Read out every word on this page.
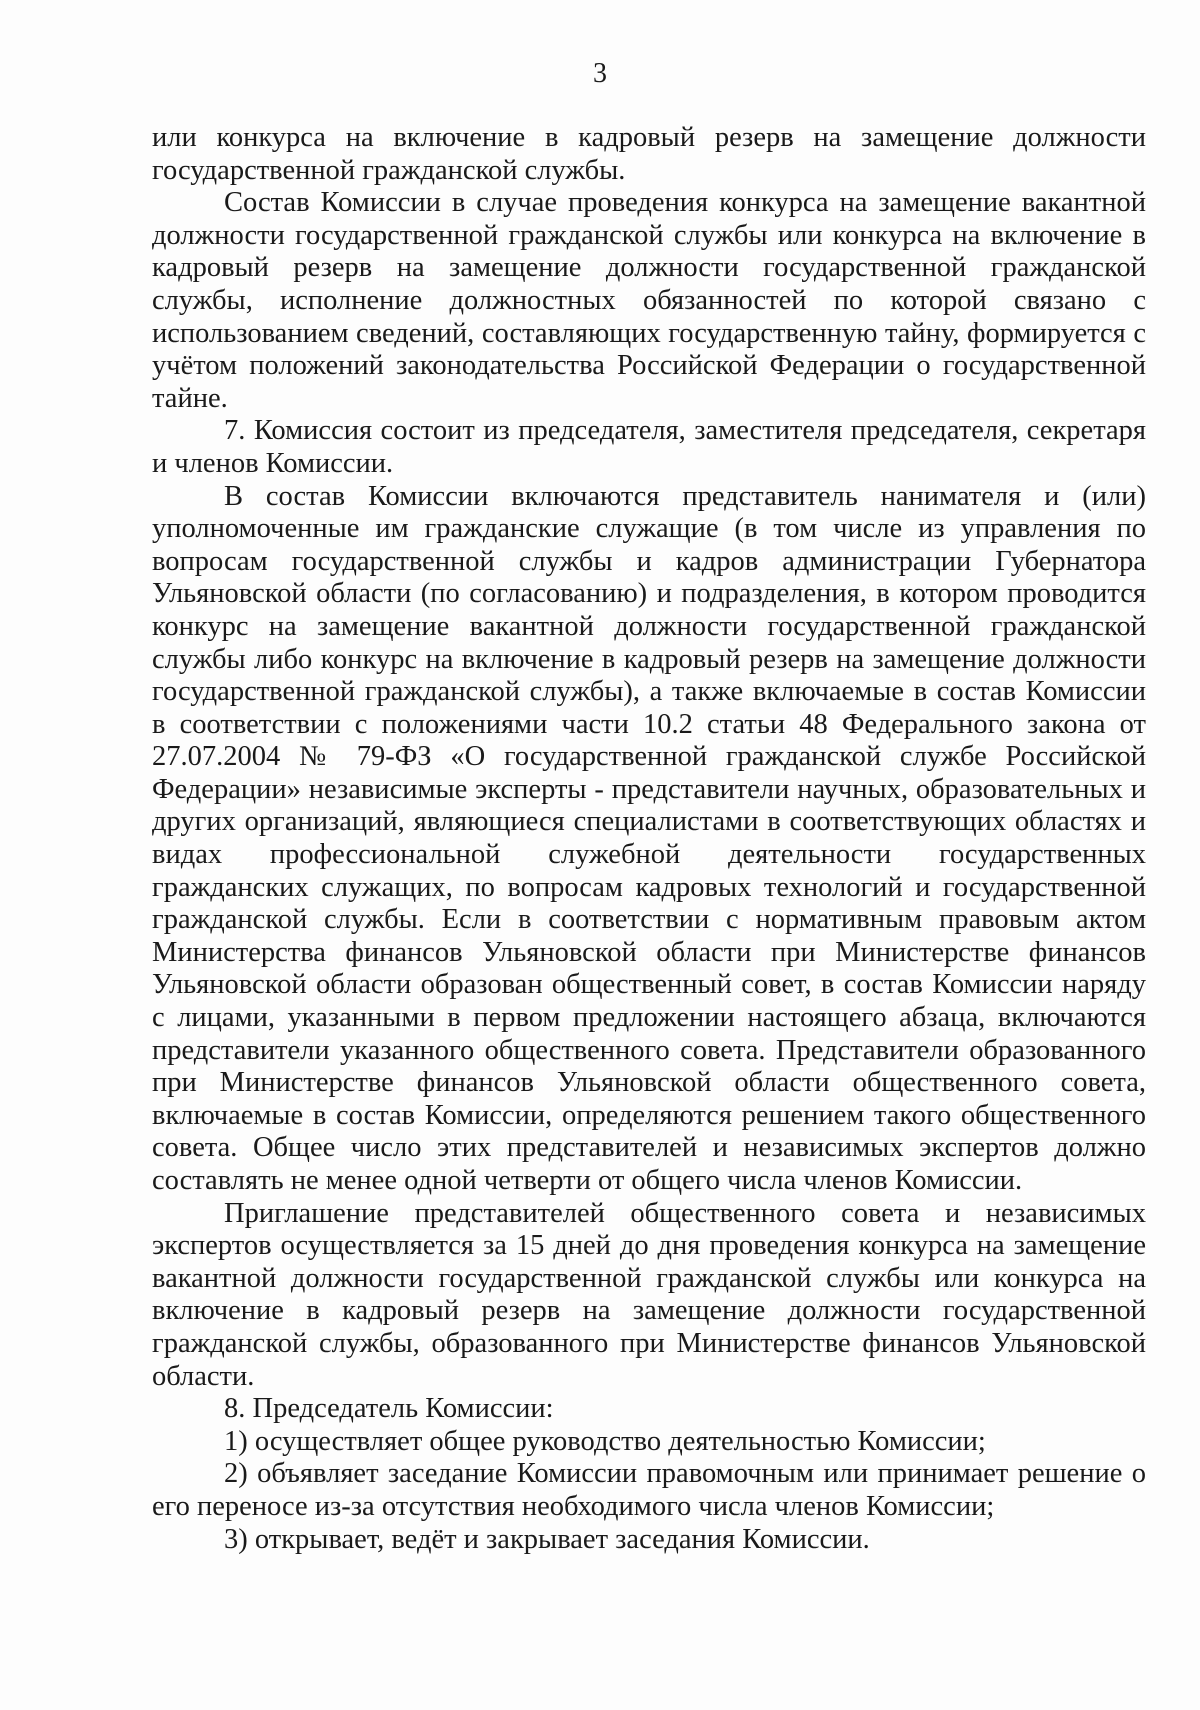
3

или конкурса на включение в кадровый резерв на замещение должности государственной гражданской службы.

Состав Комиссии в случае проведения конкурса на замещение вакантной должности государственной гражданской службы или конкурса на включение в кадровый резерв на замещение должности государственной гражданской службы, исполнение должностных обязанностей по которой связано с использованием сведений, составляющих государственную тайну, формируется с учётом положений законодательства Российской Федерации о государственной тайне.

7. Комиссия состоит из председателя, заместителя председателя, секретаря и членов Комиссии.

В состав Комиссии включаются представитель нанимателя и (или) уполномоченные им гражданские служащие (в том числе из управления по вопросам государственной службы и кадров администрации Губернатора Ульяновской области (по согласованию) и подразделения, в котором проводится конкурс на замещение вакантной должности государственной гражданской службы либо конкурс на включение в кадровый резерв на замещение должности государственной гражданской службы), а также включаемые в состав Комиссии в соответствии с положениями части 10.2 статьи 48 Федерального закона от 27.07.2004 № 79-ФЗ «О государственной гражданской службе Российской Федерации» независимые эксперты - представители научных, образовательных и других организаций, являющиеся специалистами в соответствующих областях и видах профессиональной служебной деятельности государственных гражданских служащих, по вопросам кадровых технологий и государственной гражданской службы. Если в соответствии с нормативным правовым актом Министерства финансов Ульяновской области при Министерстве финансов Ульяновской области образован общественный совет, в состав Комиссии наряду с лицами, указанными в первом предложении настоящего абзаца, включаются представители указанного общественного совета. Представители образованного при Министерстве финансов Ульяновской области общественного совета, включаемые в состав Комиссии, определяются решением такого общественного совета. Общее число этих представителей и независимых экспертов должно составлять не менее одной четверти от общего числа членов Комиссии.

Приглашение представителей общественного совета и независимых экспертов осуществляется за 15 дней до дня проведения конкурса на замещение вакантной должности государственной гражданской службы или конкурса на включение в кадровый резерв на замещение должности государственной гражданской службы, образованного при Министерстве финансов Ульяновской области.

8. Председатель Комиссии:

1) осуществляет общее руководство деятельностью Комиссии;

2) объявляет заседание Комиссии правомочным или принимает решение о его переносе из-за отсутствия необходимого числа членов Комиссии;

3) открывает, ведёт и закрывает заседания Комиссии.
